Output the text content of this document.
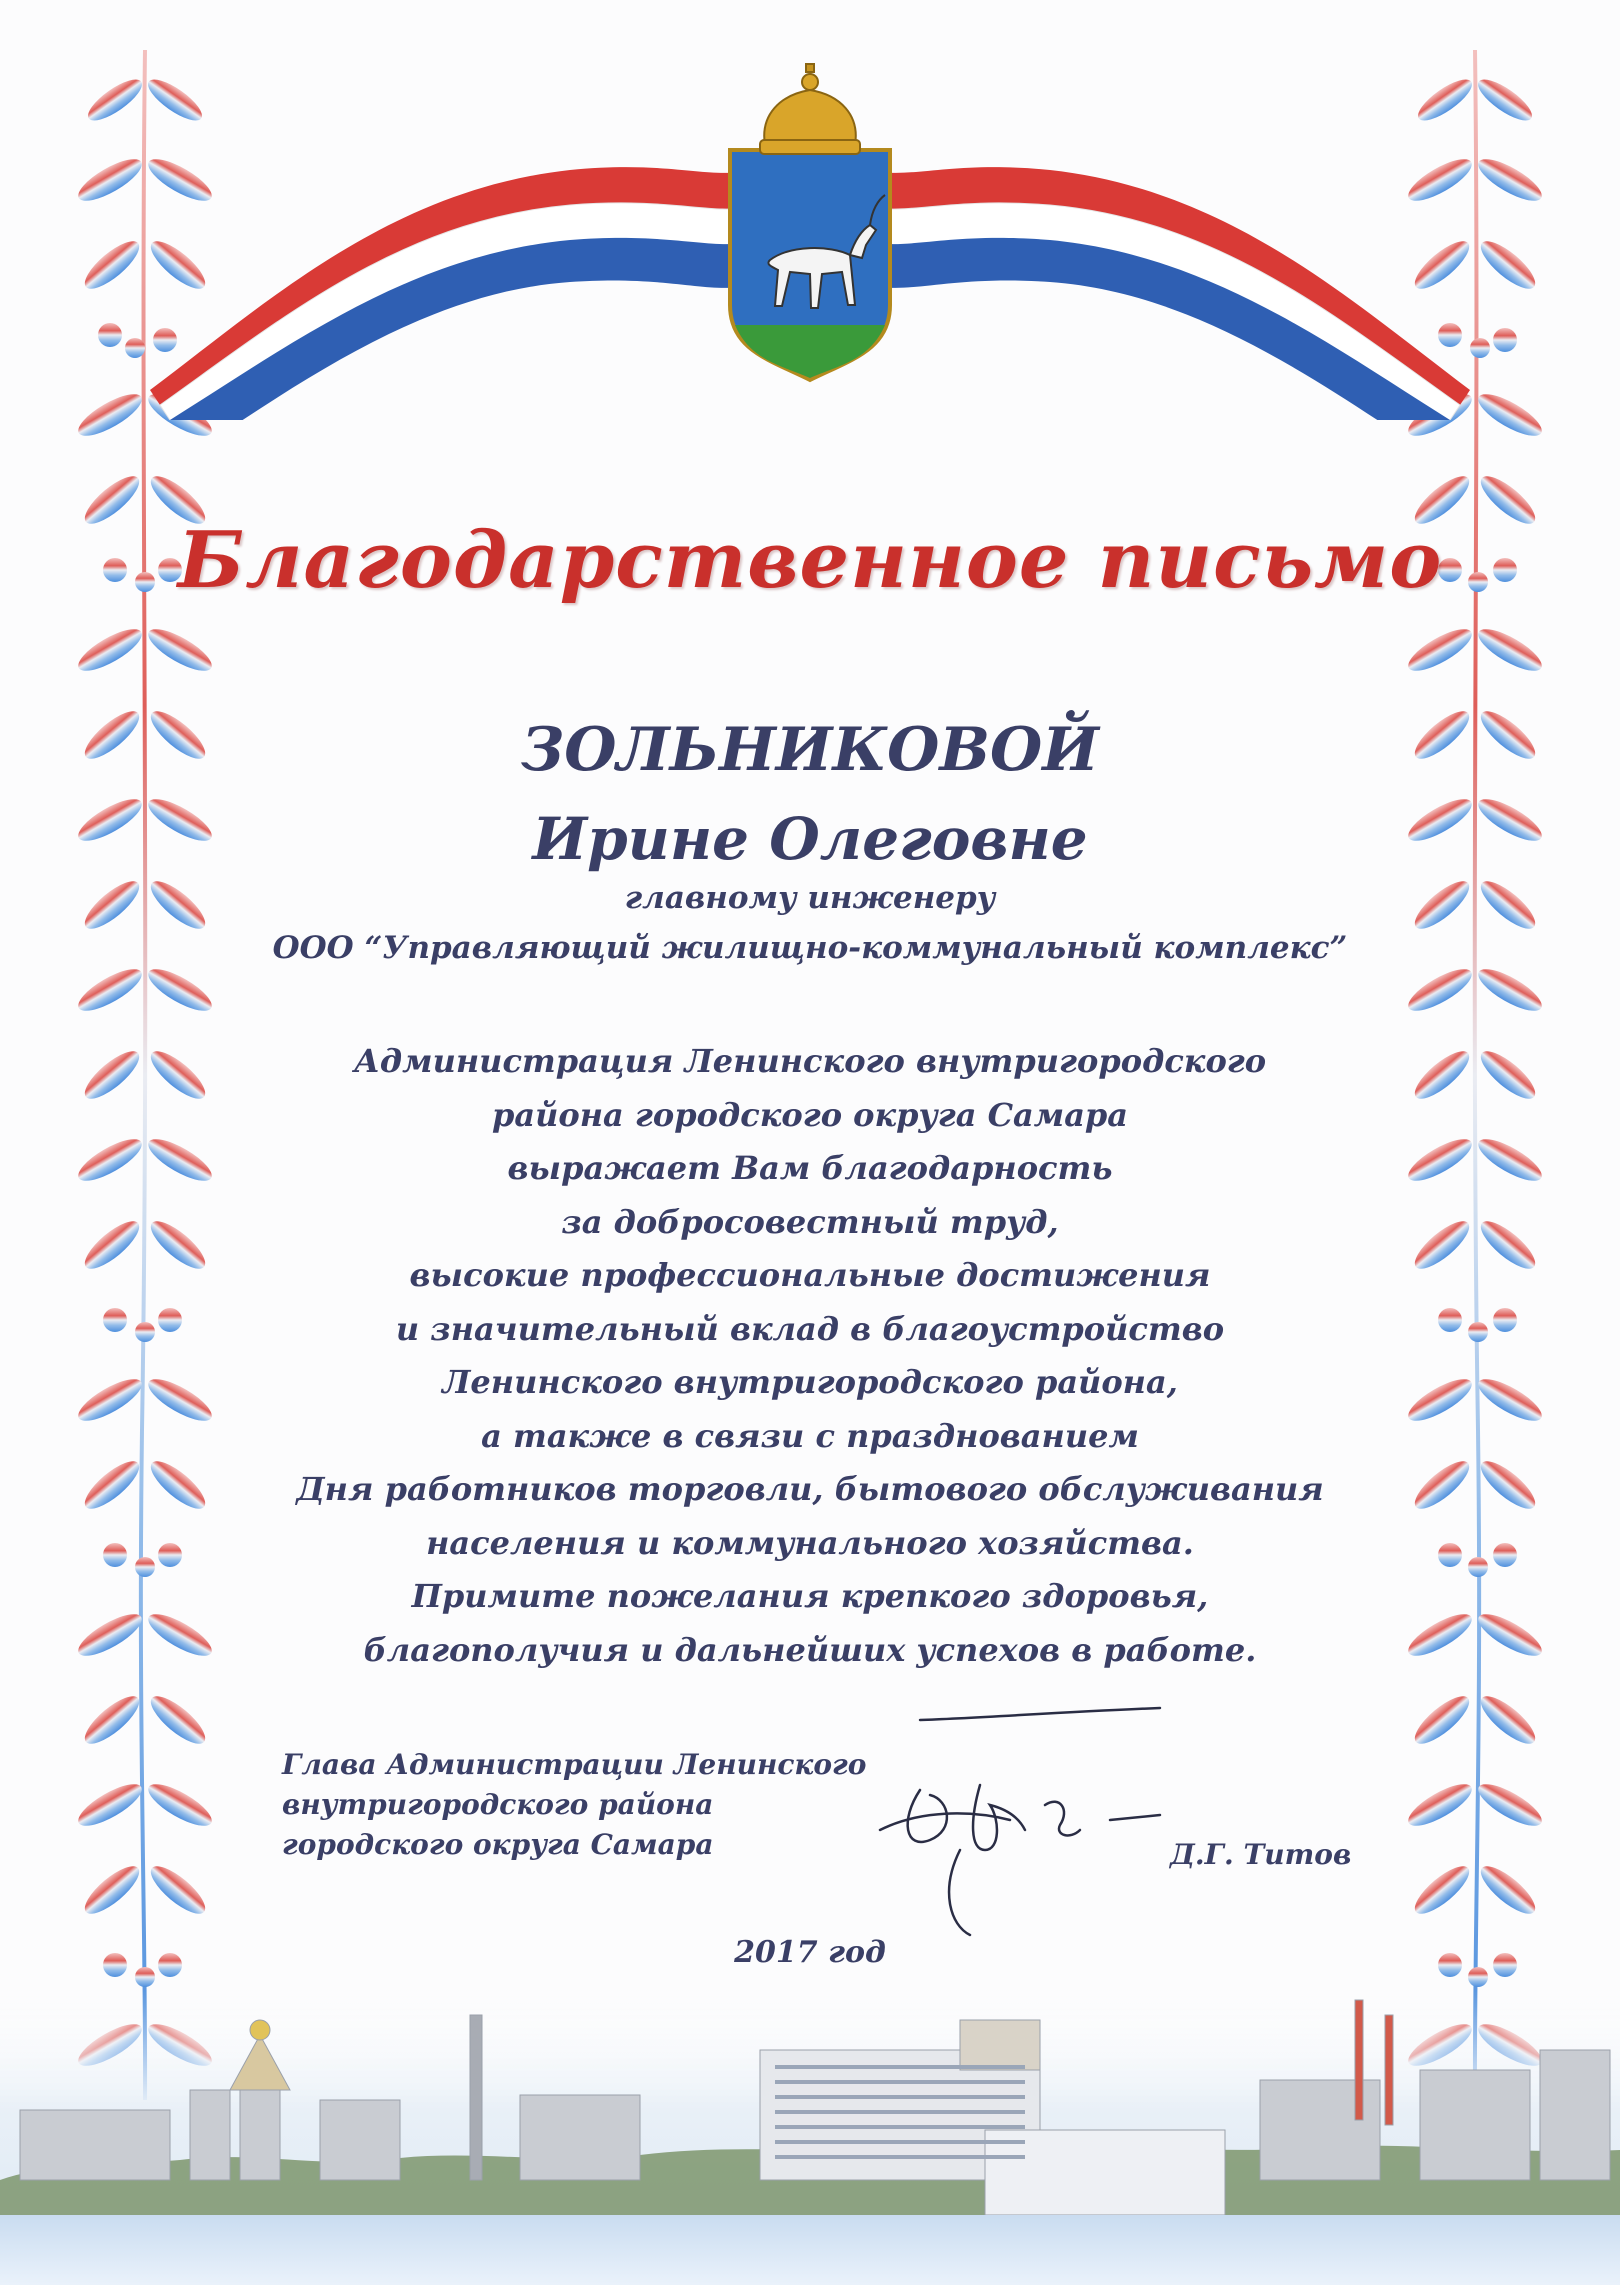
Благодарственное письмо
ЗОЛЬНИКОВОЙ
Ирине Олеговне
главному инженеру
ООО “Управляющий жилищно-коммунальный комплекс”
Администрация Ленинского внутригородского
района городского округа Самара
выражает Вам благодарность
за добросовестный труд,
высокие профессиональные достижения
и значительный вклад в благоустройство
Ленинского внутригородского района,
а также в связи с празднованием
Дня работников торговли, бытового обслуживания
населения и коммунального хозяйства.
Примите пожелания крепкого здоровья,
благополучия и дальнейших успехов в работе.
Глава Администрации Ленинского
внутригородского района
городского округа Самара	Д.Г. Титов
2017 год
